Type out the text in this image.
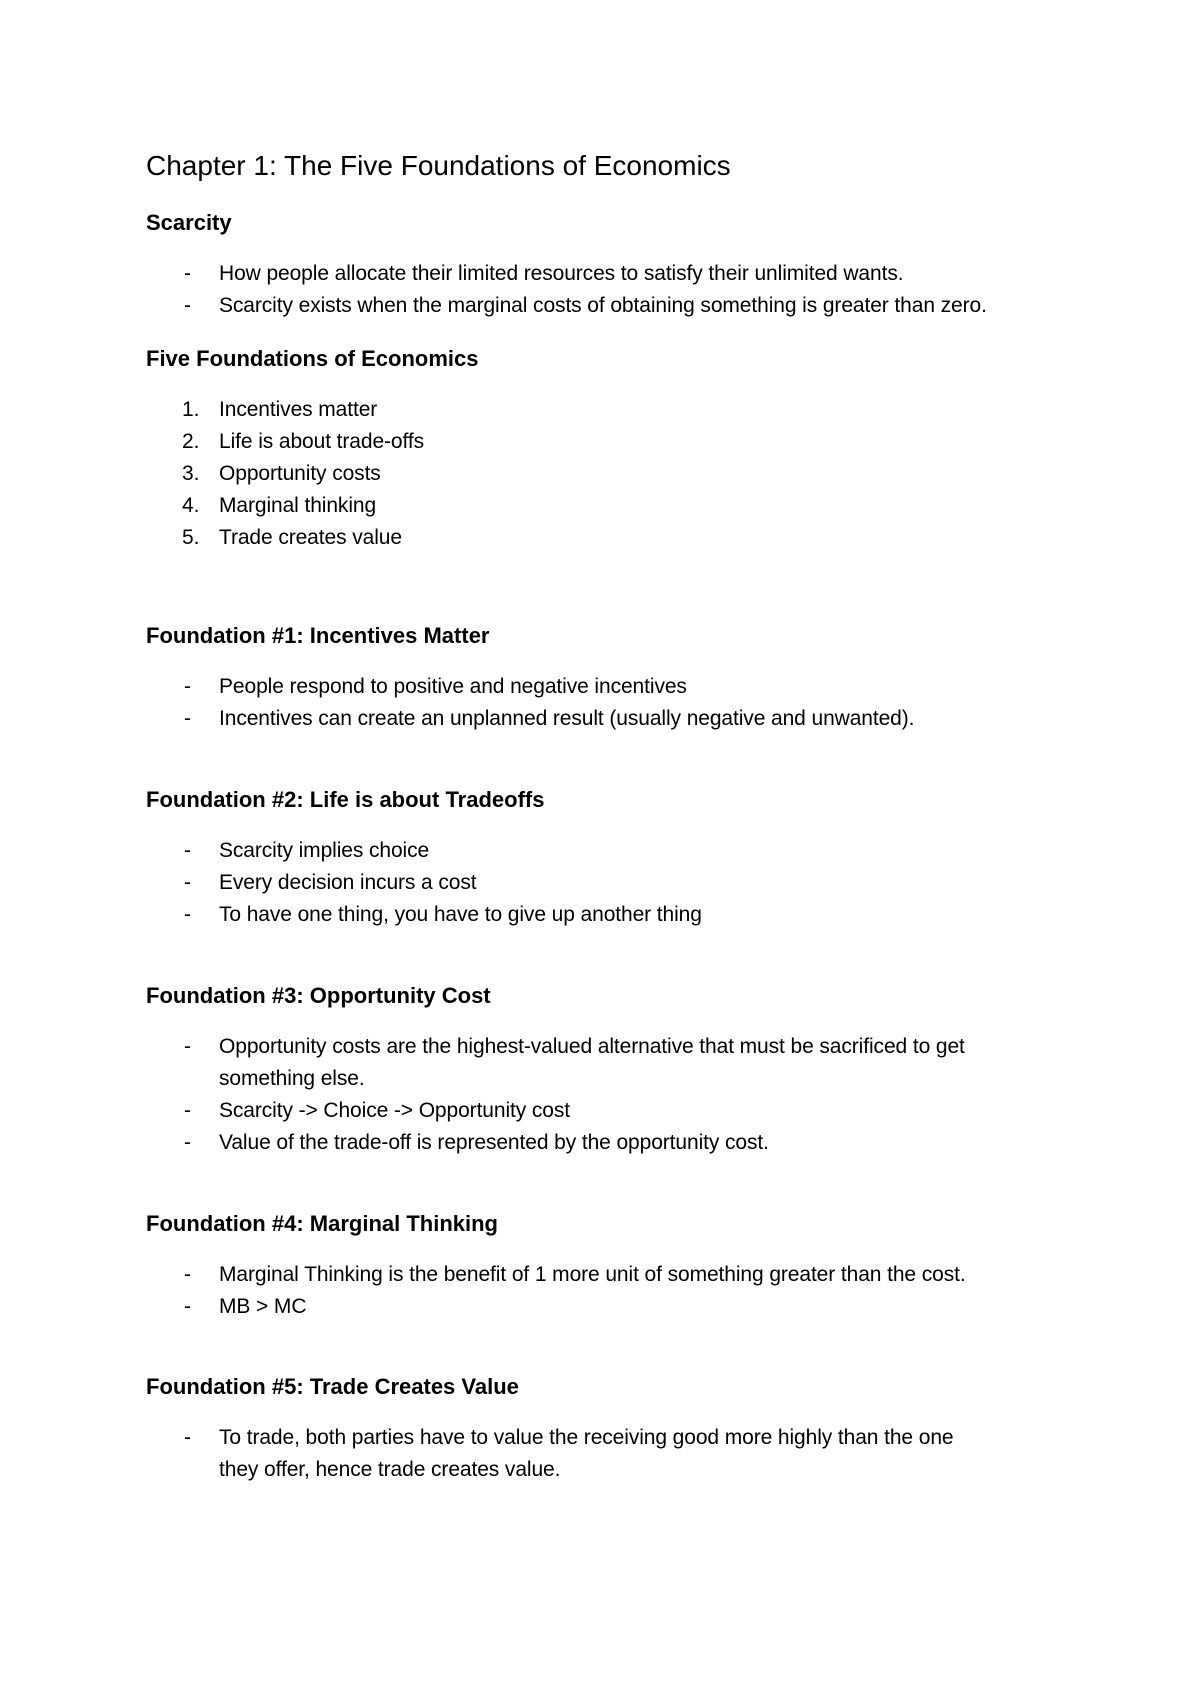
Chapter 1: The Five Foundations of Economics
Scarcity
- How people allocate their limited resources to satisfy their unlimited wants.
- Scarcity exists when the marginal costs of obtaining something is greater than zero.
Five Foundations of Economics
1. Incentives matter
2. Life is about trade-offs
3. Opportunity costs
4. Marginal thinking
5. Trade creates value
Foundation #1: Incentives Matter
- People respond to positive and negative incentives
- Incentives can create an unplanned result (usually negative and unwanted).
Foundation #2: Life is about Tradeoffs
- Scarcity implies choice
- Every decision incurs a cost
- To have one thing, you have to give up another thing
Foundation #3: Opportunity Cost
- Opportunity costs are the highest-valued alternative that must be sacrificed to get
something else.
- Scarcity -> Choice -> Opportunity cost
- Value of the trade-off is represented by the opportunity cost.
Foundation #4: Marginal Thinking
- Marginal Thinking is the benefit of 1 more unit of something greater than the cost.
- MB > MC
Foundation #5: Trade Creates Value
- To trade, both parties have to value the receiving good more highly than the one
they offer, hence trade creates value.
